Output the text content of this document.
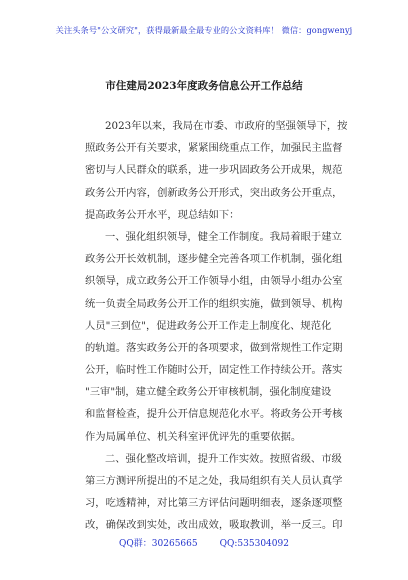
关注头条号"公文研究"，获得最新最全最专业的公文资料库！ 微信：gongwenyj
市住建局2023年度政务信息公开工作总结
2023年以来，我局在市委、市政府的坚强领导下，按
照政务公开有关要求，紧紧围绕重点工作，加强民主监督
密切与人民群众的联系，进一步巩固政务公开成果，规范
政务公开内容，创新政务公开形式，突出政务公开重点，
提高政务公开水平，现总结如下：
一、强化组织领导，健全工作制度。我局着眼于建立
政务公开长效机制，逐步健全完善各项工作机制，强化组
织领导，成立政务公开工作领导小组，由领导小组办公室
统一负责全局政务公开工作的组织实施，做到领导、机构
人员"三到位"，促进政务公开工作走上制度化、规范化
的轨道。落实政务公开的各项要求，做到常规性工作定期
公开，临时性工作随时公开，固定性工作持续公开。落实
"三审"制，建立健全政务公开审核机制，强化制度建设
和监督检查，提升公开信息规范化水平。将政务公开考核
作为局属单位、机关科室评优评先的重要依据。
二、强化整改培训，提升工作实效。按照省级、市级
第三方测评所提出的不足之处，我局组织有关人员认真学
习，吃透精神，对比第三方评估问题明细表，逐条逐项整
改，确保改到实处，改出成效，吸取教训，举一反三。印
QQ群：30265665 QQ:535304092
